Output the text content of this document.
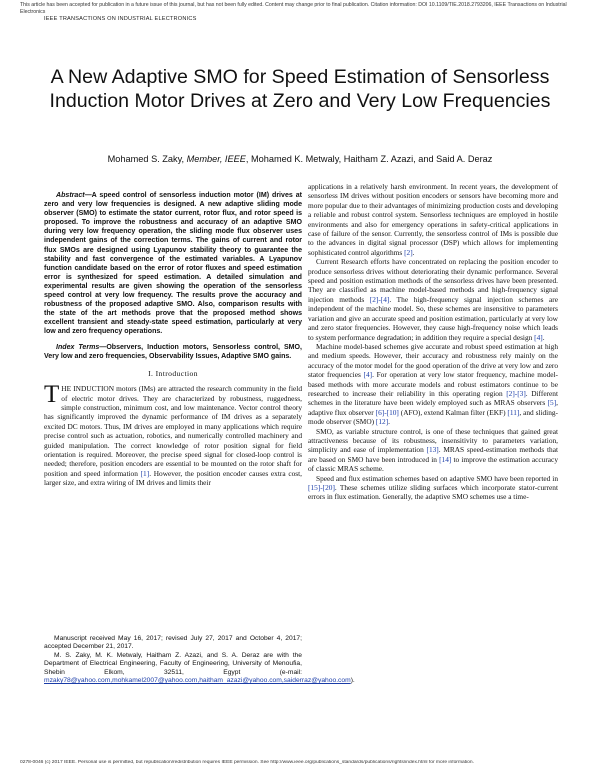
This article has been accepted for publication in a future issue of this journal, but has not been fully edited. Content may change prior to final publication. Citation information: DOI 10.1109/TIE.2018.2793206, IEEE Transactions on Industrial Electronics
IEEE TRANSACTIONS ON INDUSTRIAL ELECTRONICS
A New Adaptive SMO for Speed Estimation of Sensorless Induction Motor Drives at Zero and Very Low Frequencies
Mohamed S. Zaky, Member, IEEE, Mohamed K. Metwaly, Haitham Z. Azazi, and Said A. Deraz

Abstract—A speed control of sensorless induction motor (IM) drives at zero and very low frequencies is designed. A new adaptive sliding mode observer (SMO) to estimate the stator current, rotor flux, and rotor speed is proposed. To improve the robustness and accuracy of an adaptive SMO during very low frequency operation, the sliding mode flux observer uses independent gains of the correction terms. The gains of current and rotor flux SMOs are designed using Lyapunov stability theory to guarantee the stability and fast convergence of the estimated variables. A Lyapunov function candidate based on the error of rotor fluxes and speed estimation error is synthesized for speed estimation. A detailed simulation and experimental results are given showing the operation of the sensorless speed control at very low frequency. The results prove the accuracy and robustness of the proposed adaptive SMO. Also, comparison results with the state of the art methods prove that the proposed method shows excellent transient and steady-state speed estimation, particularly at very low and zero frequency operations.

Index Terms—Observers, Induction motors, Sensorless control, SMO, Very low and zero frequencies, Observability Issues, Adaptive SMO gains.

I. Introduction

THE INDUCTION motors (IMs) are attracted the research community in the field of electric motor drives. They are characterized by robustness, ruggedness, simple construction, minimum cost, and low maintenance. Vector control theory has significantly improved the dynamic performance of IM drives as a separately excited DC motors. Thus, IM drives are employed in many applications which require precise control such as actuation, robotics, and numerically controlled machinery and guided manipulation. The correct knowledge of rotor position signal for field orientation is required. Moreover, the precise speed signal for closed-loop control is needed; therefore, position encoders are essential to be mounted on the rotor shaft for position and speed information [1]. However, the position encoder causes extra cost, larger size, and extra wiring of IM drives and limits their

Manuscript received May 16, 2017; revised July 27, 2017 and October 4, 2017; accepted December 21, 2017.

M. S. Zaky, M. K. Metwaly, Haitham Z. Azazi, and S. A. Deraz are with the Department of Electrical Engineering, Faculty of Engineering, University of Menoufia, Shebin Elkom, 32511, Egypt (e-mail: mzaky78@yahoo.com,mohkamel2007@yahoo.com,haitham_azazi@yahoo.com,saiderraz@yahoo.com).

applications in a relatively harsh environment. In recent years, the development of sensorless IM drives without position encoders or sensors have becoming more and more popular due to their advantages of minimizing production costs and developing a reliable and robust control system. Sensorless techniques are employed in hostile environments and also for emergency operations in safety-critical applications in case of failure of the sensor. Currently, the sensorless control of IMs is possible due to the advances in digital signal processor (DSP) which allows for implementing sophisticated control algorithms [2].

Current Research efforts have concentrated on replacing the position encoder to produce sensorless drives without deteriorating their dynamic performance. Several speed and position estimation methods of the sensorless drives have been presented. They are classified as machine model-based methods and high-frequency signal injection methods [2]-[4]. The high-frequency signal injection schemes are independent of the machine model. So, these schemes are insensitive to parameters variation and give an accurate speed and position estimation, particularly at very low and zero stator frequencies. However, they cause high-frequency noise which leads to system performance degradation; in addition they require a special design [4].

Machine model-based schemes give accurate and robust speed estimation at high and medium speeds. However, their accuracy and robustness rely mainly on the accuracy of the motor model for the good operation of the drive at very low and zero stator frequencies [4]. For operation at very low stator frequency, machine model-based methods with more accurate models and robust estimators continue to be researched to increase their reliability in this operating region [2]-[3]. Different schemes in the literature have been widely employed such as MRAS observers [5], adaptive flux observer [6]-[10] (AFO), extend Kalman filter (EKF) [11], and sliding-mode observer (SMO) [12].

SMO, as variable structure control, is one of these techniques that gained great attractiveness because of its robustness, insensitivity to parameters variation, simplicity and ease of implementation [13]. MRAS speed-estimation methods that are based on SMO have been introduced in [14] to improve the estimation accuracy of classic MRAS scheme.

Speed and flux estimation schemes based on adaptive SMO have been reported in [15]-[20]. These schemes utilize sliding surfaces which incorporate stator-current errors in flux estimation. Generally, the adaptive SMO schemes use a time-

0278-0046 (c) 2017 IEEE. Personal use is permitted, but republication/redistribution requires IEEE permission. See http://www.ieee.org/publications_standards/publications/rights/index.html for more information.
